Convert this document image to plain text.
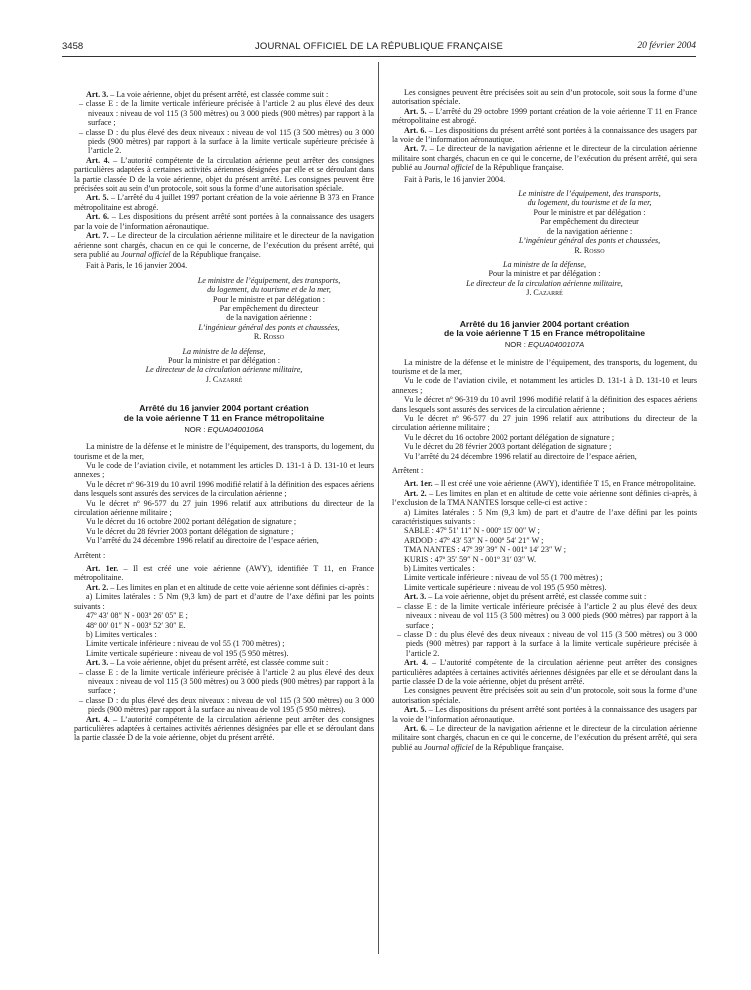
3458	JOURNAL OFFICIEL DE LA RÉPUBLIQUE FRANÇAISE	20 février 2004

Art. 3. – La voie aérienne, objet du présent arrêté, est classée comme suit :

– classe E : de la limite verticale inférieure précisée à l’article 2 au plus élevé des deux niveaux : niveau de vol 115 (3 500 mètres) ou 3 000 pieds (900 mètres) par rapport à la surface ;

– classe D : du plus élevé des deux niveaux : niveau de vol 115 (3 500 mètres) ou 3 000 pieds (900 mètres) par rapport à la surface à la limite verticale supérieure précisée à l’article 2.

Art. 4. – L’autorité compétente de la circulation aérienne peut arrêter des consignes particulières adaptées à certaines activités aériennes désignées par elle et se déroulant dans la partie classée D de la voie aérienne, objet du présent arrêté. Les consignes peuvent être précisées soit au sein d’un protocole, soit sous la forme d’une autorisation spéciale.

Art. 5. – L’arrêté du 4 juillet 1997 portant création de la voie aérienne B 373 en France métropolitaine est abrogé.

Art. 6. – Les dispositions du présent arrêté sont portées à la connaissance des usagers par la voie de l’information aéronautique.

Art. 7. – Le directeur de la circulation aérienne militaire et le directeur de la navigation aérienne sont chargés, chacun en ce qui le concerne, de l’exécution du présent arrêté, qui sera publié au Journal officiel de la République française.

Fait à Paris, le 16 janvier 2004.

Le ministre de l’équipement, des transports,

du logement, du tourisme et de la mer,

Pour le ministre et par délégation :

Par empêchement du directeur

de la navigation aérienne :

L’ingénieur général des ponts et chaussées,

R. Rosso

La ministre de la défense,

Pour la ministre et par délégation :

Le directeur de la circulation aérienne militaire,

J. Cazarré

Arrêté du 16 janvier 2004 portant création
de la voie aérienne T 11 en France métropolitaine
NOR : EQUA0400106A

La ministre de la défense et le ministre de l’équipement, des transports, du logement, du tourisme et de la mer,

Vu le code de l’aviation civile, et notamment les articles D. 131-1 à D. 131-10 et leurs annexes ;

Vu le décret nº 96-319 du 10 avril 1996 modifié relatif à la définition des espaces aériens dans lesquels sont assurés des services de la circulation aérienne ;

Vu le décret nº 96-577 du 27 juin 1996 relatif aux attributions du directeur de la circulation aérienne militaire ;

Vu le décret du 16 octobre 2002 portant délégation de signature ;

Vu le décret du 28 février 2003 portant délégation de signature ;

Vu l’arrêté du 24 décembre 1996 relatif au directoire de l’espace aérien,

Arrêtent :

Art. 1er. – Il est créé une voie aérienne (AWY), identifiée T 11, en France métropolitaine.

Art. 2. – Les limites en plan et en altitude de cette voie aérienne sont définies ci-après :

a) Limites latérales : 5 Nm (9,3 km) de part et d’autre de l’axe défini par les points suivants :

47º 43′ 08″ N - 003º 26′ 05″ E ;

48º 00′ 01″ N - 003º 52′ 30″ E.

b) Limites verticales :

Limite verticale inférieure : niveau de vol 55 (1 700 mètres) ;

Limite verticale supérieure : niveau de vol 195 (5 950 mètres).

Art. 3. – La voie aérienne, objet du présent arrêté, est classée comme suit :

– classe E : de la limite verticale inférieure précisée à l’article 2 au plus élevé des deux niveaux : niveau de vol 115 (3 500 mètres) ou 3 000 pieds (900 mètres) par rapport à la surface ;

– classe D : du plus élevé des deux niveaux : niveau de vol 115 (3 500 mètres) ou 3 000 pieds (900 mètres) par rapport à la surface au niveau de vol 195 (5 950 mètres).

Art. 4. – L’autorité compétente de la circulation aérienne peut arrêter des consignes particulières adaptées à certaines activités aériennes désignées par elle et se déroulant dans la partie classée D de la voie aérienne, objet du présent arrêté.

Les consignes peuvent être précisées soit au sein d’un protocole, soit sous la forme d’une autorisation spéciale.

Art. 5. – L’arrêté du 29 octobre 1999 portant création de la voie aérienne T 11 en France métropolitaine est abrogé.

Art. 6. – Les dispositions du présent arrêté sont portées à la connaissance des usagers par la voie de l’information aéronautique.

Art. 7. – Le directeur de la navigation aérienne et le directeur de la circulation aérienne militaire sont chargés, chacun en ce qui le concerne, de l’exécution du présent arrêté, qui sera publié au Journal officiel de la République française.

Fait à Paris, le 16 janvier 2004.

Le ministre de l’équipement, des transports,

du logement, du tourisme et de la mer,

Pour le ministre et par délégation :

Par empêchement du directeur

de la navigation aérienne :

L’ingénieur général des ponts et chaussées,

R. Rosso

La ministre de la défense,

Pour la ministre et par délégation :

Le directeur de la circulation aérienne militaire,

J. Cazarré

Arrêté du 16 janvier 2004 portant création
de la voie aérienne T 15 en France métropolitaine
NOR : EQUA0400107A

La ministre de la défense et le ministre de l’équipement, des transports, du logement, du tourisme et de la mer,

Vu le code de l’aviation civile, et notamment les articles D. 131-1 à D. 131-10 et leurs annexes ;

Vu le décret nº 96-319 du 10 avril 1996 modifié relatif à la définition des espaces aériens dans lesquels sont assurés des services de la circulation aérienne ;

Vu le décret nº 96-577 du 27 juin 1996 relatif aux attributions du directeur de la circulation aérienne militaire ;

Vu le décret du 16 octobre 2002 portant délégation de signature ;

Vu le décret du 28 février 2003 portant délégation de signature ;

Vu l’arrêté du 24 décembre 1996 relatif au directoire de l’espace aérien,

Arrêtent :

Art. 1er. – Il est créé une voie aérienne (AWY), identifiée T 15, en France métropolitaine.

Art. 2. – Les limites en plan et en altitude de cette voie aérienne sont définies ci-après, à l’exclusion de la TMA NANTES lorsque celle-ci est active :

a) Limites latérales : 5 Nm (9,3 km) de part et d’autre de l’axe défini par les points caractéristiques suivants :

SABLE : 47º 51′ 11″ N - 000º 15′ 00″ W ;

ARDOD : 47º 43′ 53″ N - 000º 54′ 21″ W ;

TMA NANTES : 47º 39′ 39″ N - 001º 14′ 23″ W ;

KURIS : 47º 35′ 59″ N - 001º 31′ 03″ W.

b) Limites verticales :

Limite verticale inférieure : niveau de vol 55 (1 700 mètres) ;

Limite verticale supérieure : niveau de vol 195 (5 950 mètres).

Art. 3. – La voie aérienne, objet du présent arrêté, est classée comme suit :

– classe E : de la limite verticale inférieure précisée à l’article 2 au plus élevé des deux niveaux : niveau de vol 115 (3 500 mètres) ou 3 000 pieds (900 mètres) par rapport à la surface ;

– classe D : du plus élevé des deux niveaux : niveau de vol 115 (3 500 mètres) ou 3 000 pieds (900 mètres) par rapport à la surface à la limite verticale supérieure précisée à l’article 2.

Art. 4. – L’autorité compétente de la circulation aérienne peut arrêter des consignes particulières adaptées à certaines activités aériennes désignées par elle et se déroulant dans la partie classée D de la voie aérienne, objet du présent arrêté.

Les consignes peuvent être précisées soit au sein d’un protocole, soit sous la forme d’une autorisation spéciale.

Art. 5. – Les dispositions du présent arrêté sont portées à la connaissance des usagers par la voie de l’information aéronautique.

Art. 6. – Le directeur de la navigation aérienne et le directeur de la circulation aérienne militaire sont chargés, chacun en ce qui le concerne, de l’exécution du présent arrêté, qui sera publié au Journal officiel de la République française.
